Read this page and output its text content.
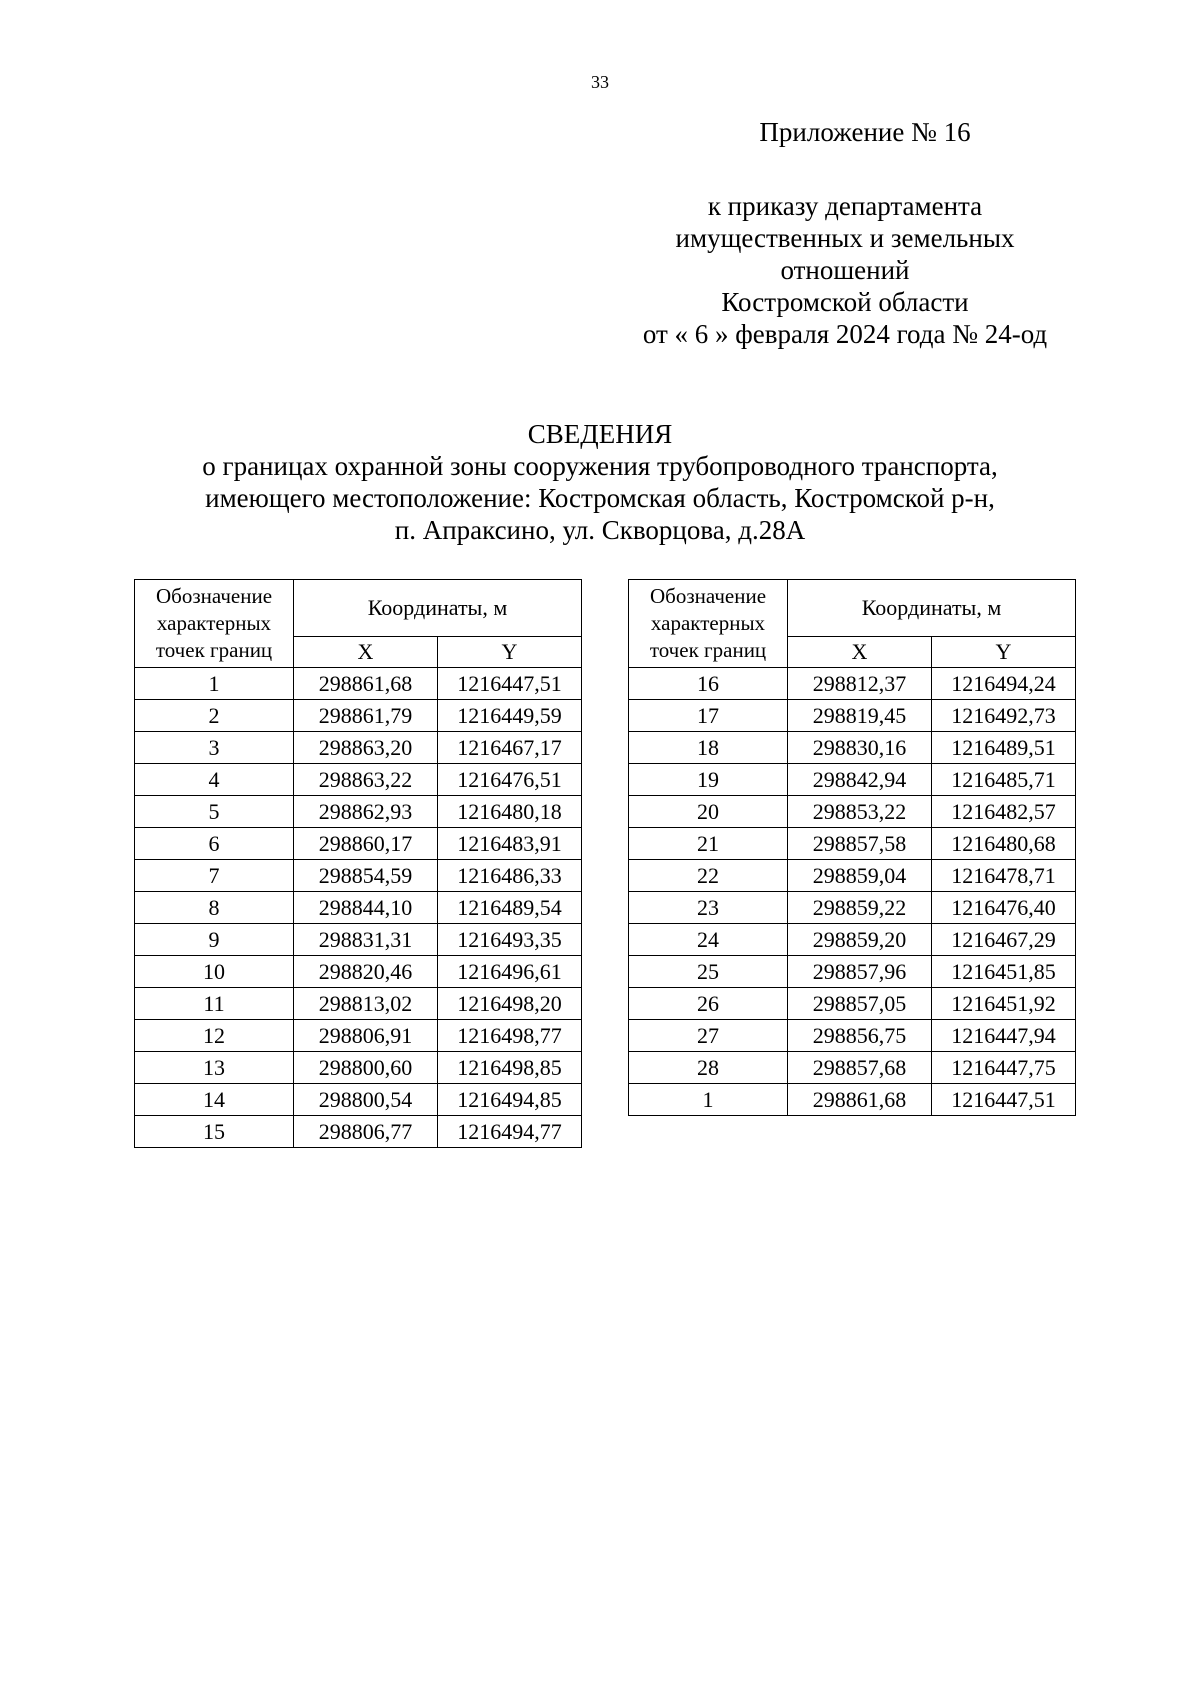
33
Приложение № 16
к приказу департамента
имущественных и земельных
отношений
Костромской области
от « 6 » февраля 2024 года № 24-од
СВЕДЕНИЯ
о границах охранной зоны сооружения трубопроводного транспорта,
имеющего местоположение: Костромская область, Костромской р-н,
п. Апраксино, ул. Скворцова, д.28А
Обозначение
характерных
точек границ	Координаты, м	
	X	Y
1	298861,68	1216447,51
2	298861,79	1216449,59
3	298863,20	1216467,17
4	298863,22	1216476,51
5	298862,93	1216480,18
6	298860,17	1216483,91
7	298854,59	1216486,33
8	298844,10	1216489,54
9	298831,31	1216493,35
10	298820,46	1216496,61
11	298813,02	1216498,20
12	298806,91	1216498,77
13	298800,60	1216498,85
14	298800,54	1216494,85
15	298806,77	1216494,77
Обозначение
характерных
точек границ	Координаты, м	
	X	Y
16	298812,37	1216494,24
17	298819,45	1216492,73
18	298830,16	1216489,51
19	298842,94	1216485,71
20	298853,22	1216482,57
21	298857,58	1216480,68
22	298859,04	1216478,71
23	298859,22	1216476,40
24	298859,20	1216467,29
25	298857,96	1216451,85
26	298857,05	1216451,92
27	298856,75	1216447,94
28	298857,68	1216447,75
1	298861,68	1216447,51
